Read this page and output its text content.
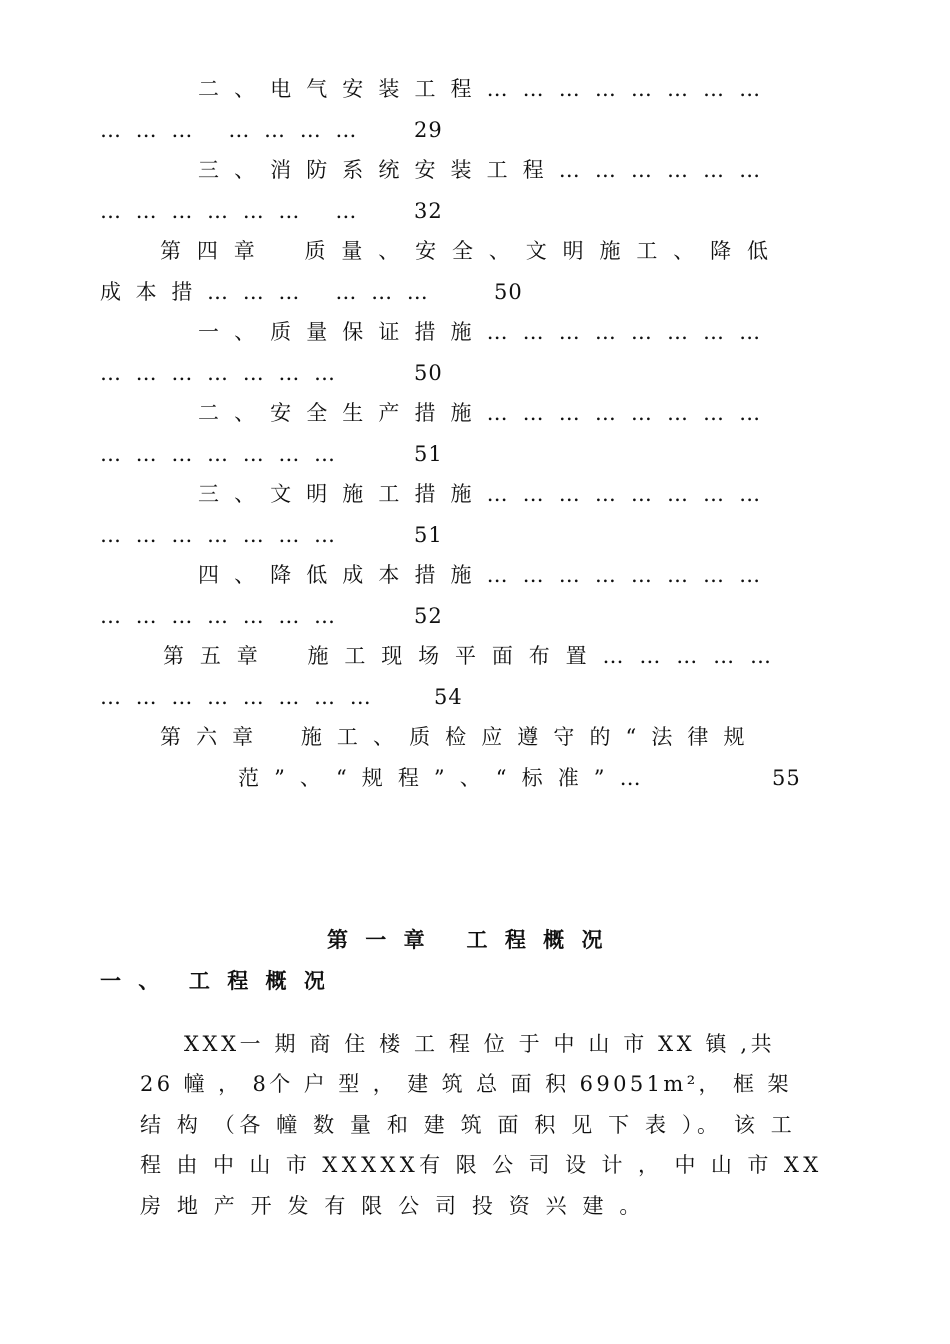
二 、 电 气 安 装 工 程 … … … … … … … …
… … …   … … … …	29
三 、 消 防 系 统 安 装 工 程 … … … … … …
… … … … … …   …	32
第 四 章    质 量 、 安 全 、 文 明 施 工 、 降 低
成 本 措 … … …   … … …	50
一 、 质 量 保 证 措 施 … … … … … … … …
… … … … … … …	50
二 、 安 全 生 产 措 施 … … … … … … … …
… … … … … … …	51
三 、 文 明 施 工 措 施 … … … … … … … …
… … … … … … …	51
四 、 降 低 成 本 措 施 … … … … … … … …
… … … … … … …	52
第 五 章    施 工 现 场 平 面 布 置 … … … … …
… … … … … … … …	54
第 六 章    施 工 、 质 检 应 遵 守 的 “ 法 律 规
范 ” 、 “ 规 程 ” 、 “ 标 准 ” …	55
第 一 章   工 程 概 况
一 、  工 程 概 况
XXX一 期 商 住 楼 工 程 位 于 中 山 市 XX 镇 ,共
26 幢 ， 8个 户 型 ， 建 筑 总 面 积 69051m²， 框 架
结 构 （各 幢 数 量 和 建 筑 面 积 见 下 表 ）。 该 工
程 由 中 山 市 XXXXX有 限 公 司 设 计 ， 中 山 市 XX
房 地 产 开 发 有 限 公 司 投 资 兴 建 。
